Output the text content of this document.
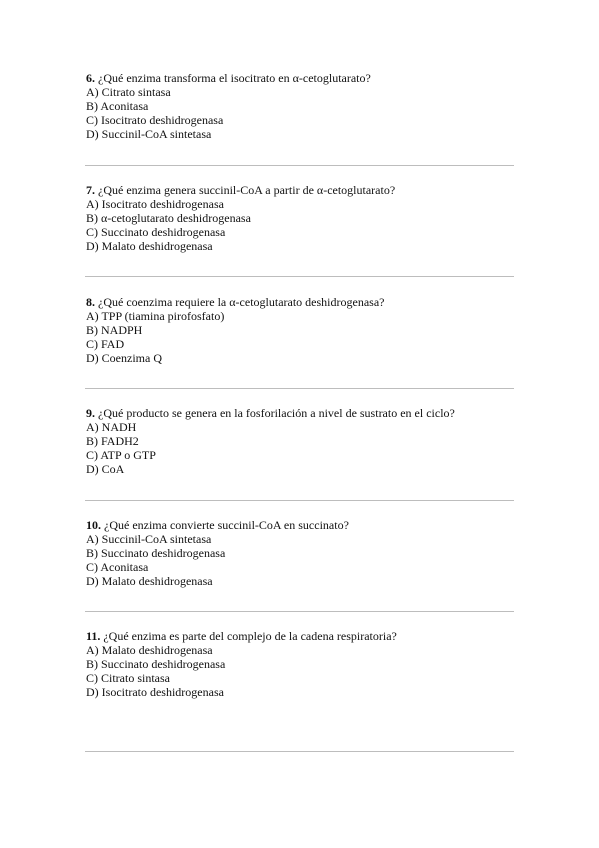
6. ¿Qué enzima transforma el isocitrato en α-cetoglutarato?
A) Citrato sintasa
B) Aconitasa
C) Isocitrato deshidrogenasa
D) Succinil-CoA sintetasa
7. ¿Qué enzima genera succinil-CoA a partir de α-cetoglutarato?
A) Isocitrato deshidrogenasa
B) α-cetoglutarato deshidrogenasa
C) Succinato deshidrogenasa
D) Malato deshidrogenasa
8. ¿Qué coenzima requiere la α-cetoglutarato deshidrogenasa?
A) TPP (tiamina pirofosfato)
B) NADPH
C) FAD
D) Coenzima Q
9. ¿Qué producto se genera en la fosforilación a nivel de sustrato en el ciclo?
A) NADH
B) FADH2
C) ATP o GTP
D) CoA
10. ¿Qué enzima convierte succinil-CoA en succinato?
A) Succinil-CoA sintetasa
B) Succinato deshidrogenasa
C) Aconitasa
D) Malato deshidrogenasa
11. ¿Qué enzima es parte del complejo de la cadena respiratoria?
A) Malato deshidrogenasa
B) Succinato deshidrogenasa
C) Citrato sintasa
D) Isocitrato deshidrogenasa
